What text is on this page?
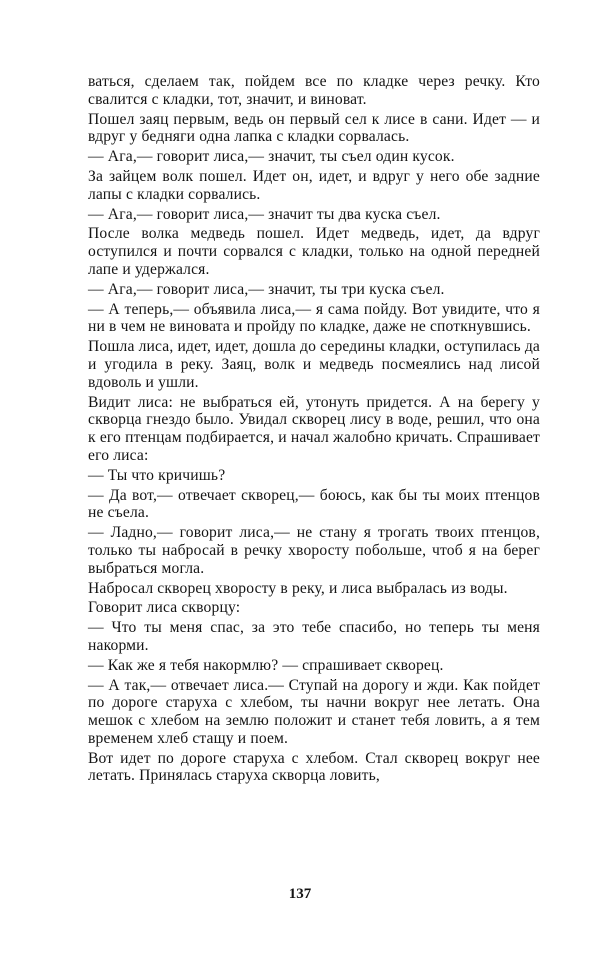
ваться, сделаем так, пойдем все по кладке через речку. Кто свалится с кладки, тот, значит, и виноват.

Пошел заяц первым, ведь он первый сел к лисе в сани. Идет — и вдруг у бедняги одна лапка с кладки сорвалась.

— Ага,— говорит лиса,— значит, ты съел один кусок.

За зайцем волк пошел. Идет он, идет, и вдруг у него обе задние лапы с кладки сорвались.

— Ага,— говорит лиса,— значит ты два куска съел.

После волка медведь пошел. Идет медведь, идет, да вдруг оступился и почти сорвался с кладки, только на одной передней лапе и удержался.

— Ага,— говорит лиса,— значит, ты три куска съел.

— А теперь,— объявила лиса,— я сама пойду. Вот увидите, что я ни в чем не виновата и пройду по кладке, даже не споткнувшись.

Пошла лиса, идет, идет, дошла до середины кладки, оступилась да и угодила в реку. Заяц, волк и медведь посмеялись над лисой вдоволь и ушли.

Видит лиса: не выбраться ей, утонуть придется. А на берегу у скворца гнездо было. Увидал скворец лису в воде, решил, что она к его птенцам подбирается, и начал жалобно кричать. Спрашивает его лиса:

— Ты что кричишь?

— Да вот,— отвечает скворец,— боюсь, как бы ты моих птенцов не съела.

— Ладно,— говорит лиса,— не стану я трогать твоих птенцов, только ты набросай в речку хворосту побольше, чтоб я на берег выбраться могла.

Набросал скворец хворосту в реку, и лиса выбралась из воды.

Говорит лиса скворцу:

— Что ты меня спас, за это тебе спасибо, но теперь ты меня накорми.

— Как же я тебя накормлю? — спрашивает скворец.

— А так,— отвечает лиса.— Ступай на дорогу и жди. Как пойдет по дороге старуха с хлебом, ты начни вокруг нее летать. Она мешок с хлебом на землю положит и станет тебя ловить, а я тем временем хлеб стащу и поем.

Вот идет по дороге старуха с хлебом. Стал скворец вокруг нее летать. Принялась старуха скворца ловить,

137
